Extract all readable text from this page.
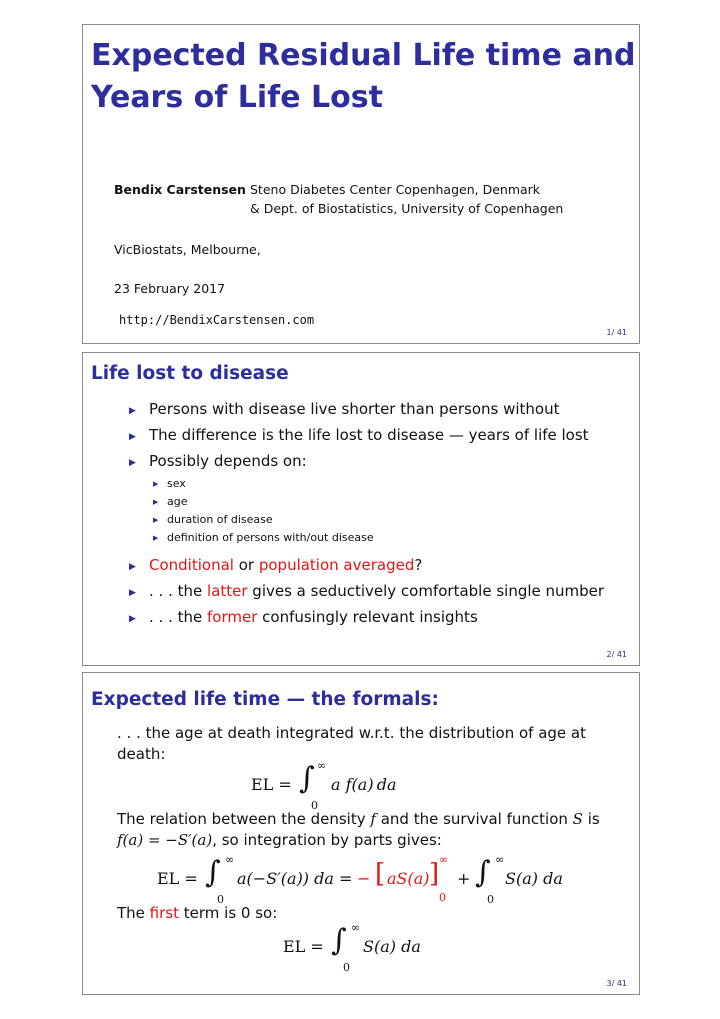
Expected Residual Life time and
Years of Life Lost
Bendix Carstensen Steno Diabetes Center Copenhagen, Denmark
& Dept. of Biostatistics, University of Copenhagen
VicBiostats, Melbourne,
23 February 2017
http://BendixCarstensen.com
1/ 41
Life lost to disease
▶ Persons with disease live shorter than persons without
▶ The difference is the life lost to disease — years of life lost
▶ Possibly depends on:
▶ sex
▶ age
▶ duration of disease
▶ definition of persons with/out disease
▶ Conditional or population averaged?
▶ . . . the latter gives a seductively comfortable single number
▶ . . . the former confusingly relevant insights
2/ 41
Expected life time — the formals:
. . . the age at death integrated w.r.t. the distribution of age at
death:
The relation between the density f and the survival function S is
f(a) = −S′(a), so integration by parts gives:
The first term is 0 so:
EL = ∫ ∞
0
a f(a) da
EL = ∫ ∞
0
a(−S′(a)) da = − [ aS(a) ] ∞
0
+ ∫ ∞
0
S(a) da
EL = ∫ ∞
0
S(a) da
3/ 41
